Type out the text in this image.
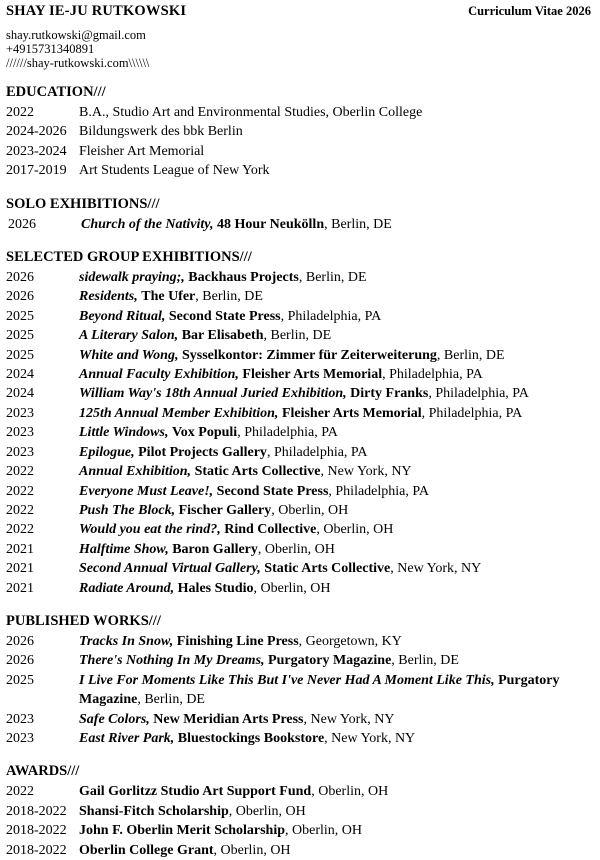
SHAY IE-JU RUTKOWSKI	Curriculum Vitae 2026
shay.rutkowski@gmail.com
+4915731340891
//////shay-rutkowski.com\\\\\\
EDUCATION///
2022	B.A., Studio Art and Environmental Studies, Oberlin College
2024-2026 Bildungswerk des bbk Berlin
2023-2024 Fleisher Art Memorial
2017-2019 Art Students League of New York
SOLO EXHIBITIONS///
2026	Church of the Nativity, 48 Hour Neukölln, Berlin, DE
SELECTED GROUP EXHIBITIONS///
2026	sidewalk praying;, Backhaus Projects, Berlin, DE
2026	Residents, The Ufer, Berlin, DE
2025	Beyond Ritual, Second State Press, Philadelphia, PA
2025	A Literary Salon, Bar Elisabeth, Berlin, DE
2025	White and Wong, Sysselkontor: Zimmer für Zeiterweiterung, Berlin, DE
2024	Annual Faculty Exhibition, Fleisher Arts Memorial, Philadelphia, PA
2024	William Way's 18th Annual Juried Exhibition, Dirty Franks, Philadelphia, PA
2023	125th Annual Member Exhibition, Fleisher Arts Memorial, Philadelphia, PA
2023	Little Windows, Vox Populi, Philadelphia, PA
2023	Epilogue, Pilot Projects Gallery, Philadelphia, PA
2022	Annual Exhibition, Static Arts Collective, New York, NY
2022	Everyone Must Leave!, Second State Press, Philadelphia, PA
2022	Push The Block, Fischer Gallery, Oberlin, OH
2022	Would you eat the rind?, Rind Collective, Oberlin, OH
2021	Halftime Show, Baron Gallery, Oberlin, OH
2021	Second Annual Virtual Gallery, Static Arts Collective, New York, NY
2021	Radiate Around, Hales Studio, Oberlin, OH
PUBLISHED WORKS///
2026	Tracks In Snow, Finishing Line Press, Georgetown, KY
2026	There's Nothing In My Dreams, Purgatory Magazine, Berlin, DE
2025	I Live For Moments Like This But I've Never Had A Moment Like This, Purgatory Magazine, Berlin, DE
2023	Safe Colors, New Meridian Arts Press, New York, NY
2023	East River Park, Bluestockings Bookstore, New York, NY
AWARDS///
2022	Gail Gorlitzz Studio Art Support Fund, Oberlin, OH
2018-2022 Shansi-Fitch Scholarship, Oberlin, OH
2018-2022 John F. Oberlin Merit Scholarship, Oberlin, OH
2018-2022 Oberlin College Grant, Oberlin, OH
